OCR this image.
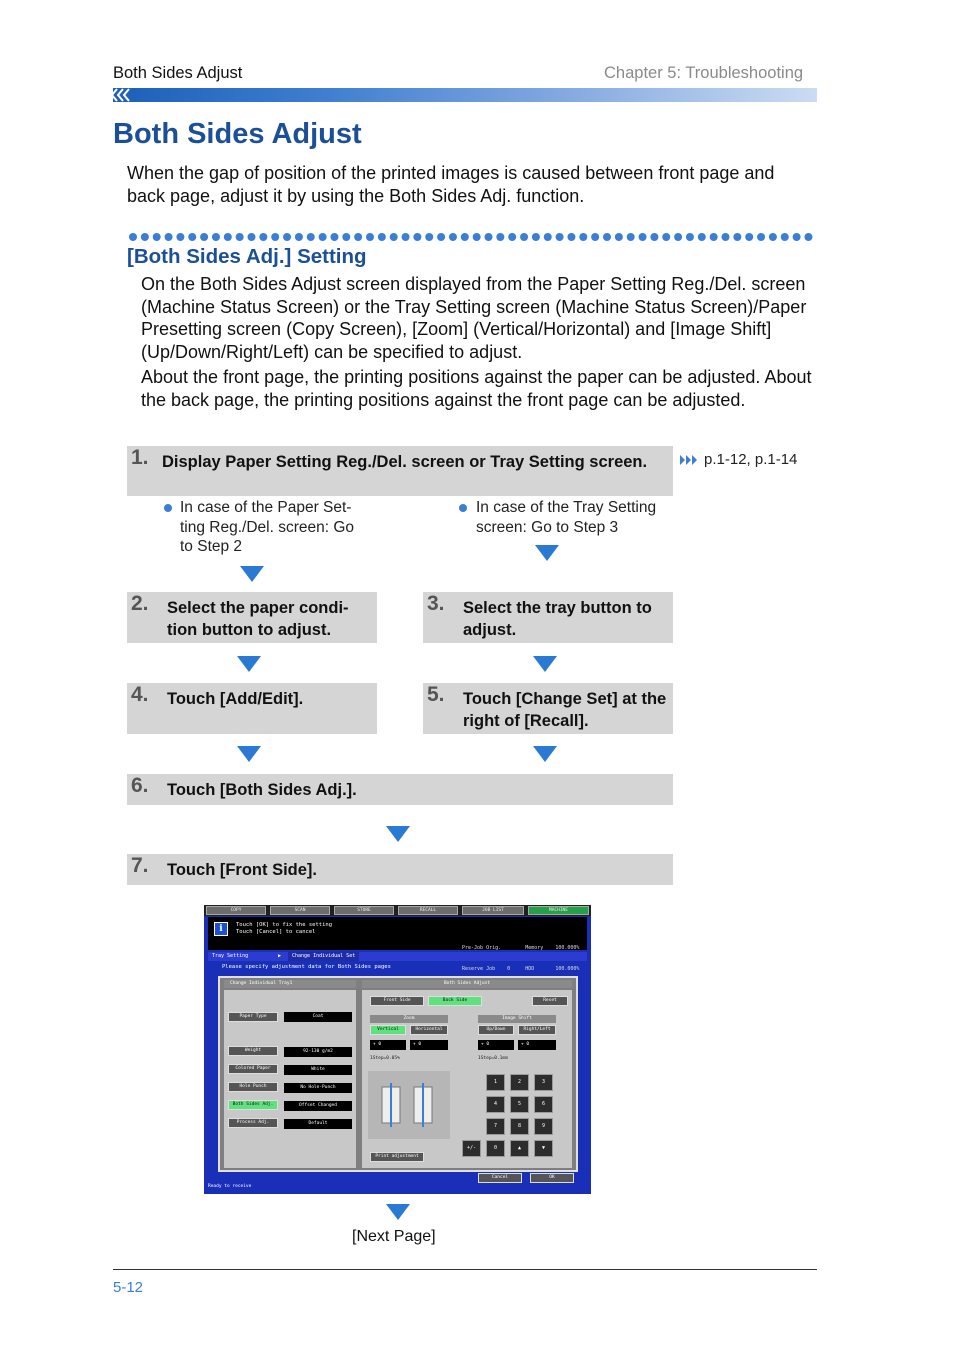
Both Sides Adjust	Chapter 5: Troubleshooting
Both Sides Adjust
When the gap of position of the printed images is caused between front page and back page, adjust it by using the Both Sides Adj. function.
[Both Sides Adj.] Setting
On the Both Sides Adjust screen displayed from the Paper Setting Reg./Del. screen (Machine Status Screen) or the Tray Setting screen (Machine Status Screen)/Paper Presetting screen (Copy Screen), [Zoom] (Vertical/Horizontal) and [Image Shift] (Up/Down/Right/Left) can be specified to adjust.
About the front page, the printing positions against the paper can be adjusted. About the back page, the printing positions against the front page can be adjusted.
1. Display Paper Setting Reg./Del. screen or Tray Setting screen.	p.1-12, p.1-14
In case of the Paper Set- ting Reg./Del. screen: Go to Step 2
In case of the Tray Setting screen: Go to Step 3
2. Select the paper condi- tion button to adjust.
3. Select the tray button to adjust.
4. Touch [Add/Edit].	5. Touch [Change Set] at the right of [Recall].
6. Touch [Both Sides Adj.].
7. Touch [Front Side].
COPY	SCAN	STORE	RECALL	JOB LIST	MACHINE
i	Touch [OK] to fix the setting
Touch [Cancel] to cancel

Pre-Job Orig.        Memory    100.000%

Reserve Job    0     HDD       100.000%

Tray Setting	▶	Change Individual Set
Please specify adjustment data for Both Sides pages
Change Individual Tray1	Both Sides Adjust
Paper Type	Coat
Weight	92-130 g/m2
Colored Paper	White
Hole Punch	No Hole-Punch
Both Sides Adj.	Offset Changed
Process Adj.	Default
Front Side	Back Side	Reset
Zoom	Image Shift
Vertical	Horizontal	Up/Down	Right/Left
+ 0	+ 0	+ 0	+ 0
1Step=0.05%	1Step=0.1mm
Print adjustment
1	2	3
4	5	6
7	8	9
+/-	0	▲	▼
Cancel	OK
Ready to receive
[Next Page]
5-12
